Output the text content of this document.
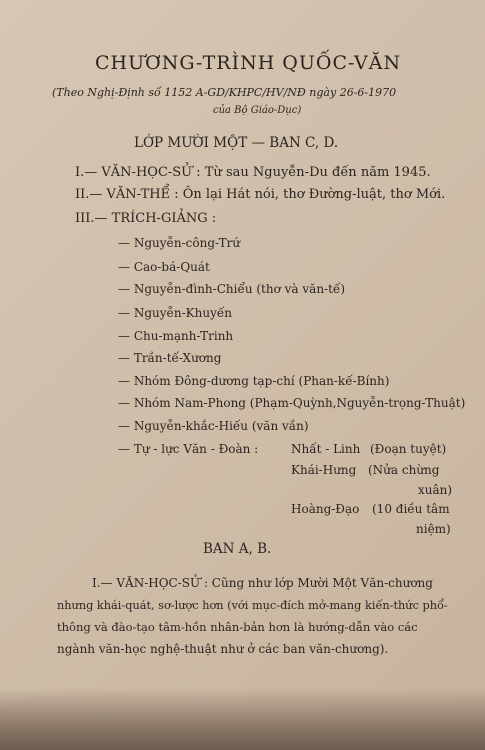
CHƯƠNG-TRÌNH QUỐC-VĂN
(Theo Nghị-Định số 1152 A-GD/KHPC/HV/NĐ ngày 26-6-1970
của Bộ Giáo-Dục)
LỚP MƯỜI MỘT — BAN C, D.
I.— VĂN-HỌC-SỬ : Từ sau Nguyễn-Du đến năm 1945.
II.— VĂN-THỂ : Ôn lại Hát nói, thơ Đường-luật, thơ Mới.
III.— TRÍCH-GIẢNG :
— Nguyễn-công-Trứ
— Cao-bá-Quát
— Nguyễn-đình-Chiểu (thơ và văn-tế)
— Nguyễn-Khuyến
— Chu-mạnh-Trinh
— Trần-tế-Xương
— Nhóm Đông-dương tạp-chí (Phan-kế-Bính)
— Nhóm Nam-Phong (Phạm-Quỳnh,Nguyễn-trọng-Thuật)
— Nguyễn-khắc-Hiếu (văn vần)
— Tự - lực Văn - Đoàn :	Nhất - Linh (Đoạn tuyệt)
Khái-Hưng (Nửa chừng
xuân)
Hoàng-Đạo (10 điều tâm
niệm)
BAN A, B.
I.— VĂN-HỌC-SỬ : Cũng như lớp Mười Một Văn-chương
nhưng khái-quát, sơ-lược hơn (với mục-đích mở-mang kiến-thức phổ-
thông và đào-tạo tâm-hồn nhân-bản hơn là hướng-dẫn vào các
ngành văn-học nghệ-thuật như ở các ban văn-chương).
